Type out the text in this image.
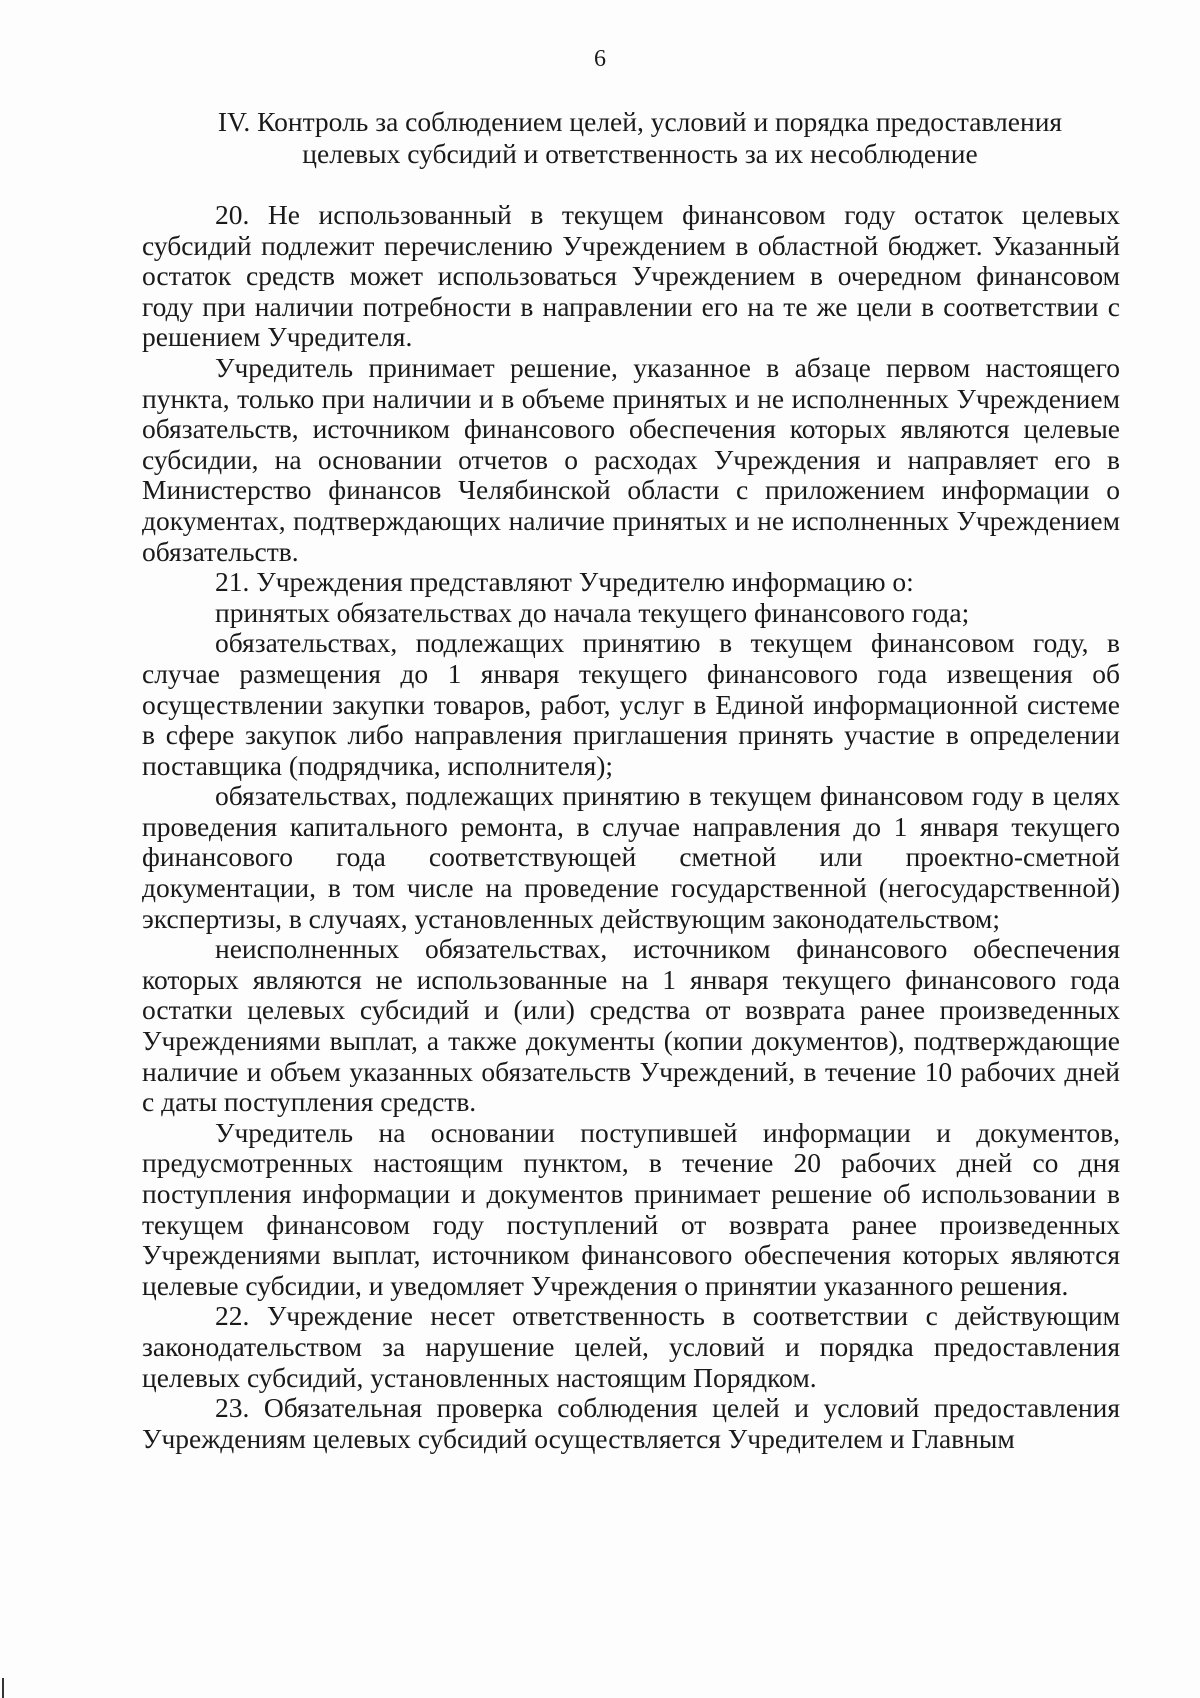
6
IV. Контроль за соблюдением целей, условий и порядка предоставления
целевых субсидий и ответственность за их несоблюдение

20. Не использованный в текущем финансовом году остаток целевых субсидий подлежит перечислению Учреждением в областной бюджет. Указанный остаток средств может использоваться Учреждением в очередном финансовом году при наличии потребности в направлении его на те же цели в соответствии с решением Учредителя.

Учредитель принимает решение, указанное в абзаце первом настоящего пункта, только при наличии и в объеме принятых и не исполненных Учреждением обязательств, источником финансового обеспечения которых являются целевые субсидии, на основании отчетов о расходах Учреждения и направляет его в Министерство финансов Челябинской области с приложением информации о документах, подтверждающих наличие принятых и не исполненных Учреждением обязательств.

21. Учреждения представляют Учредителю информацию о:

принятых обязательствах до начала текущего финансового года;

обязательствах, подлежащих принятию в текущем финансовом году, в случае размещения до 1 января текущего финансового года извещения об осуществлении закупки товаров, работ, услуг в Единой информационной системе в сфере закупок либо направления приглашения принять участие в определении поставщика (подрядчика, исполнителя);

обязательствах, подлежащих принятию в текущем финансовом году в целях проведения капитального ремонта, в случае направления до 1 января текущего финансового года соответствующей сметной или проектно-сметной документации, в том числе на проведение государственной (негосударственной) экспертизы, в случаях, установленных действующим законодательством;

неисполненных обязательствах, источником финансового обеспечения которых являются не использованные на 1 января текущего финансового года остатки целевых субсидий и (или) средства от возврата ранее произведенных Учреждениями выплат, а также документы (копии документов), подтверждающие наличие и объем указанных обязательств Учреждений, в течение 10 рабочих дней с даты поступления средств.

Учредитель на основании поступившей информации и документов, предусмотренных настоящим пунктом, в течение 20 рабочих дней со дня поступления информации и документов принимает решение об использовании в текущем финансовом году поступлений от возврата ранее произведенных Учреждениями выплат, источником финансового обеспечения которых являются целевые субсидии, и уведомляет Учреждения о принятии указанного решения.

22. Учреждение несет ответственность в соответствии с действующим законодательством за нарушение целей, условий и порядка предоставления целевых субсидий, установленных настоящим Порядком.

23. Обязательная проверка соблюдения целей и условий предоставления Учреждениям целевых субсидий осуществляется Учредителем и Главным
